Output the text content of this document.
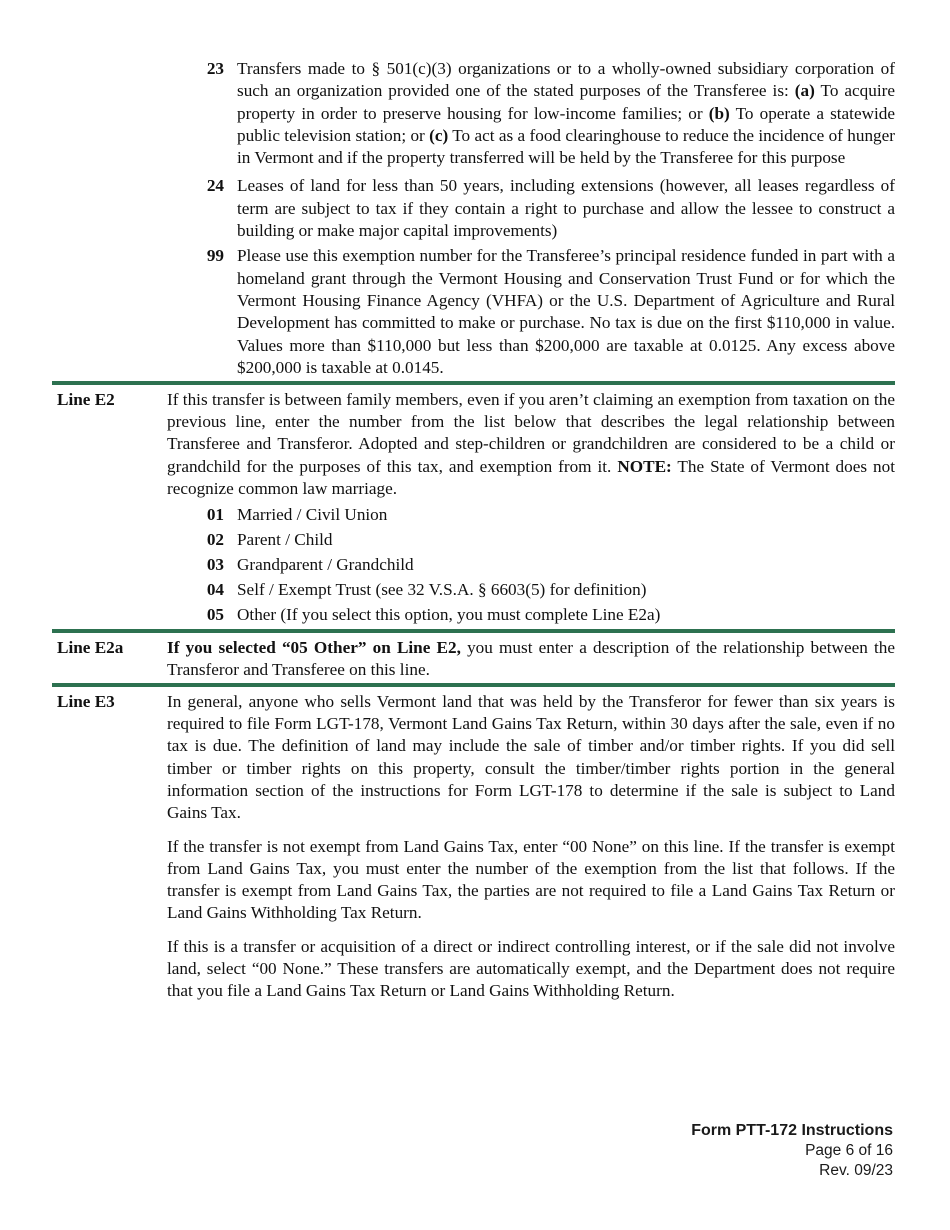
23 Transfers made to § 501(c)(3) organizations or to a wholly-owned subsidiary corporation of such an organization provided one of the stated purposes of the Transferee is: (a) To acquire property in order to preserve housing for low-income families; or (b) To operate a statewide public television station; or (c) To act as a food clearinghouse to reduce the incidence of hunger in Vermont and if the property transferred will be held by the Transferee for this purpose
24 Leases of land for less than 50 years, including extensions (however, all leases regardless of term are subject to tax if they contain a right to purchase and allow the lessee to construct a building or make major capital improvements)
99 Please use this exemption number for the Transferee’s principal residence funded in part with a homeland grant through the Vermont Housing and Conservation Trust Fund or for which the Vermont Housing Finance Agency (VHFA) or the U.S. Department of Agriculture and Rural Development has committed to make or purchase. No tax is due on the first $110,000 in value. Values more than $110,000 but less than $200,000 are taxable at 0.0125. Any excess above $200,000 is taxable at 0.0145.
Line E2	If this transfer is between family members, even if you aren’t claiming an exemption from taxation on the previous line, enter the number from the list below that describes the legal relationship between Transferee and Transferor. Adopted and step-children or grandchildren are considered to be a child or grandchild for the purposes of this tax, and exemption from it. NOTE: The State of Vermont does not recognize common law marriage.

01 Married / Civil Union
02 Parent / Child
03 Grandparent / Grandchild
04 Self / Exempt Trust (see 32 V.S.A. § 6603(5) for definition)
05 Other (If you select this option, you must complete Line E2a)
Line E2a	If you selected “05 Other” on Line E2, you must enter a description of the relationship between the Transferor and Transferee on this line.

Line E3	In general, anyone who sells Vermont land that was held by the Transferor for fewer than six years is required to file Form LGT-178, Vermont Land Gains Tax Return, within 30 days after the sale, even if no tax is due. The definition of land may include the sale of timber and/or timber rights. If you did sell timber or timber rights on this property, consult the timber/timber rights portion in the general information section of the instructions for Form LGT-178 to determine if the sale is subject to Land Gains Tax.

If the transfer is not exempt from Land Gains Tax, enter “00 None” on this line. If the transfer is exempt from Land Gains Tax, you must enter the number of the exemption from the list that follows. If the transfer is exempt from Land Gains Tax, the parties are not required to file a Land Gains Tax Return or Land Gains Withholding Tax Return.

If this is a transfer or acquisition of a direct or indirect controlling interest, or if the sale did not involve land, select “00 None.” These transfers are automatically exempt, and the Department does not require that you file a Land Gains Tax Return or Land Gains Withholding Return.

Form PTT-172 Instructions
Page 6 of 16
Rev. 09/23
